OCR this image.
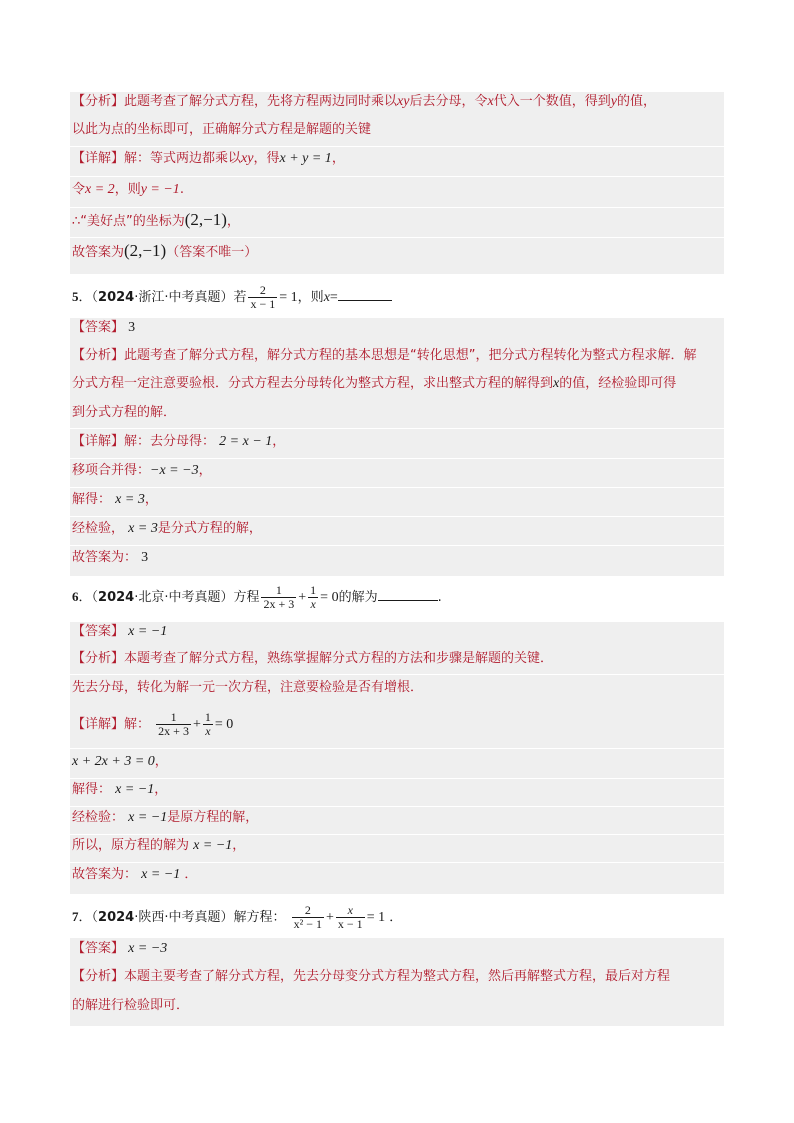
【分析】此题考查了解分式方程，先将方程两边同时乘以xy后去分母，令x代入一个数值，得到y的值，
以此为点的坐标即可，正确解分式方程是解题的关键
【详解】解：等式两边都乘以xy，得x + y = 1，
令x = 2，则y = −1.
∴“美好点”的坐标为(2,−1)，
故答案为(2,−1)（答案不唯一）
5．（2024·浙江·中考真题）若 $\frac{2}{x - 1} = 1$，则x=
【答案】 3
【分析】此题考查了解分式方程，解分式方程的基本思想是“转化思想”，把分式方程转化为整式方程求解．解
分式方程一定注意要验根．分式方程去分母转化为整式方程，求出整式方程的解得到x的值，经检验即可得
到分式方程的解．
【详解】解：去分母得： 2 = x − 1，
移项合并得：−x = −3，
解得： x = 3，
经检验， x = 3是分式方程的解，
故答案为： 3
6．（2024·北京·中考真题）方程 $\frac{1}{2x + 3} + \frac{1}{x} = 0$的解为	.
【答案】 x = −1
【分析】本题考查了解分式方程，熟练掌握解分式方程的方法和步骤是解题的关键．
先去分母，转化为解一元一次方程，注意要检验是否有增根．
【详解】解： $\frac{1}{2x + 3} + \frac{1}{x} = 0$
x + 2x + 3 = 0，
解得： x = −1，
经检验： x = −1是原方程的解，
所以，原方程的解为 x = −1，
故答案为： x = −1 ．
7．（2024·陕西·中考真题）解方程： $\frac{2}{\text{x² − 1}} + \frac{x}{x - 1} = 1$ ．
【答案】 x = −3
【分析】本题主要考查了解分式方程，先去分母变分式方程为整式方程，然后再解整式方程，最后对方程
的解进行检验即可．
